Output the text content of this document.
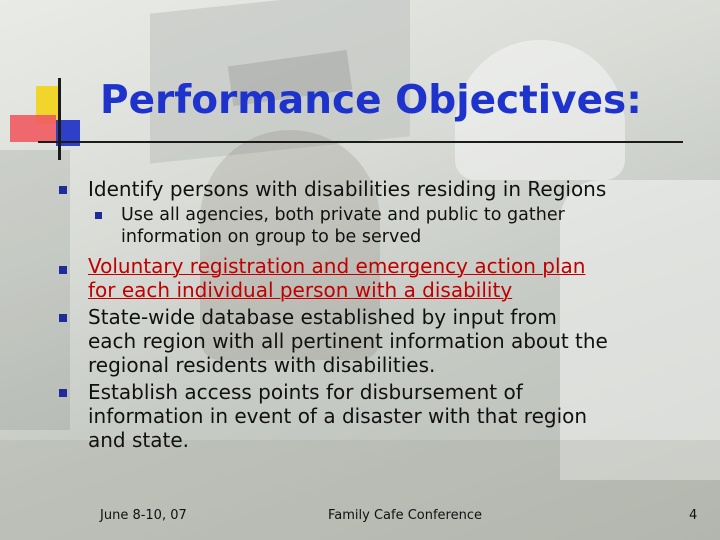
Performance Objectives:

Identify persons with disabilities residing in Regions

Use all agencies, both private and public to gather

information on group to be served

Voluntary registration and emergency action plan

for each individual person with a disability

State-wide database established by input from

each region with all pertinent information about the

regional residents with disabilities.

Establish access points for disbursement of

information in event of a disaster with that region

and state.

June 8-10, 07	Family Cafe Conference	4
